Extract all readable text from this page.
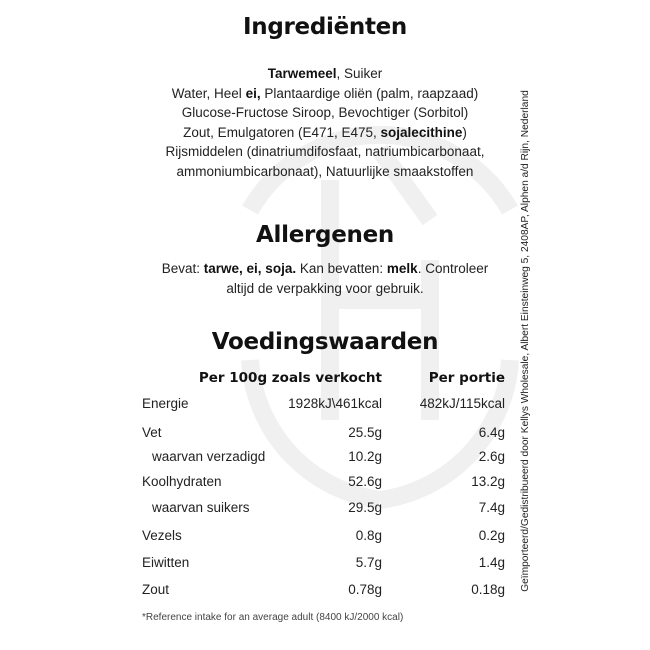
Ingrediënten

Tarwemeel, Suiker

Water, Heel ei, Plantaardige oliën (palm, raapzaad)

Glucose-Fructose Siroop, Bevochtiger (Sorbitol)

Zout, Emulgatoren (E471, E475, sojalecithine)

Rijsmiddelen (dinatriumdifosfaat, natriumbicarbonaat,

ammoniumbicarbonaat), Natuurlijke smaakstoffen

Allergenen

Bevat: tarwe, ei, soja. Kan bevatten: melk. Controleer

altijd de verpakking voor gebruik.

Voedingswaarden
Per 100g zoals verkocht	Per portie
Energie	1928kJ\461kcal	482kJ/115kcal
Vet	25.5g	6.4g
waarvan verzadigd	10.2g	2.6g
Koolhydraten	52.6g	13.2g
waarvan suikers	29.5g	7.4g
Vezels	0.8g	0.2g
Eiwitten	5.7g	1.4g
Zout	0.78g	0.18g
*Reference intake for an average adult (8400 kJ/2000 kcal)
Geïmporteerd/Gedistribueerd door Kellys Wholesale, Albert Einsteinweg 5, 2408AP, Alphen a/d Rijn, Nederland
